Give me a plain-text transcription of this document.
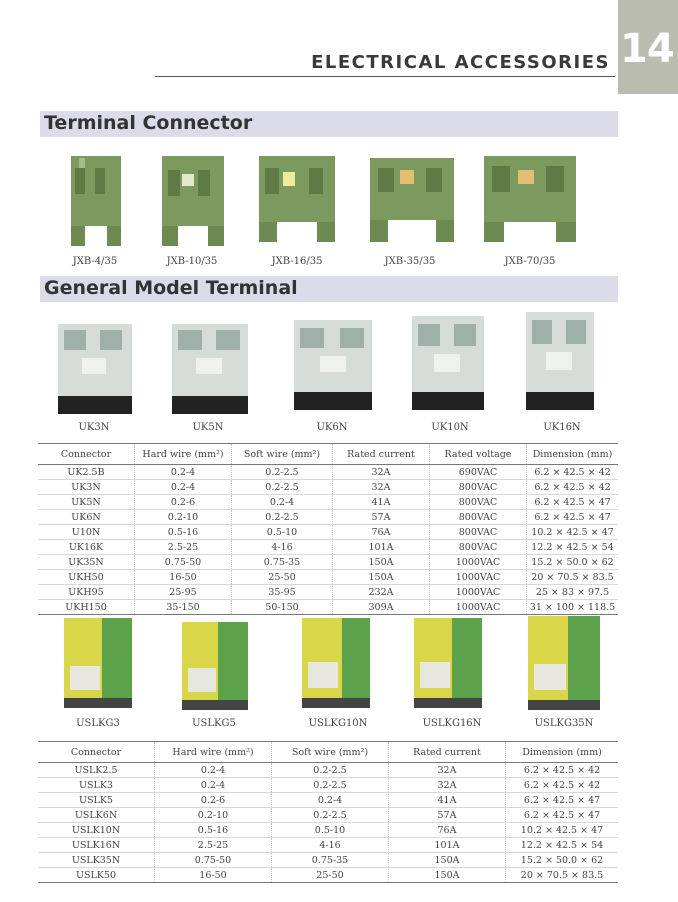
ELECTRICAL ACCESSORIES 14
Terminal Connector
JXB-4/35	JXB-10/35	JXB-16/35	JXB-35/35	JXB-70/35
General Model Terminal
UK3N	UK5N	UK6N	UK10N	UK16N
Connector	Hard wire (mm²)	Soft wire (mm²)	Rated current	Rated voltage	Dimension (mm)
UK2.5B	0.2-4	0.2-2.5	32A	690VAC	6.2 × 42.5 × 42
UK3N	0.2-4	0.2-2.5	32A	800VAC	6.2 × 42.5 × 42
UK5N	0.2-6	0.2-4	41A	800VAC	6.2 × 42.5 × 47
UK6N	0.2-10	0.2-2.5	57A	800VAC	6.2 × 42.5 × 47
U10N	0.5-16	0.5-10	76A	800VAC	10.2 × 42.5 × 47
UK16K	2.5-25	4-16	101A	800VAC	12.2 × 42.5 × 54
UK35N	0.75-50	0.75-35	150A	1000VAC	15.2 × 50.0 × 62
UKH50	16-50	25-50	150A	1000VAC	20 × 70.5 × 83.5
UKH95	25-95	35-95	232A	1000VAC	25 × 83 × 97.5
UKH150	35-150	50-150	309A	1000VAC	31 × 100 × 118.5
USLKG3	USLKG5	USLKG10N	USLKG16N	USLKG35N
Connector	Hard wire (mm²)	Soft wire (mm²)	Rated current	Dimension (mm)
USLK2.5	0.2-4	0.2-2.5	32A	6.2 × 42.5 × 42
USLK3	0.2-4	0.2-2.5	32A	6.2 × 42.5 × 42
USLK5	0.2-6	0.2-4	41A	6.2 × 42.5 × 47
USLK6N	0.2-10	0.2-2.5	57A	6.2 × 42.5 × 47
USLK10N	0.5-16	0.5-10	76A	10.2 × 42.5 × 47
USLK16N	2.5-25	4-16	101A	12.2 × 42.5 × 54
USLK35N	0.75-50	0.75-35	150A	15.2 × 50.0 × 62
USLK50	16-50	25-50	150A	20 × 70.5 × 83.5
